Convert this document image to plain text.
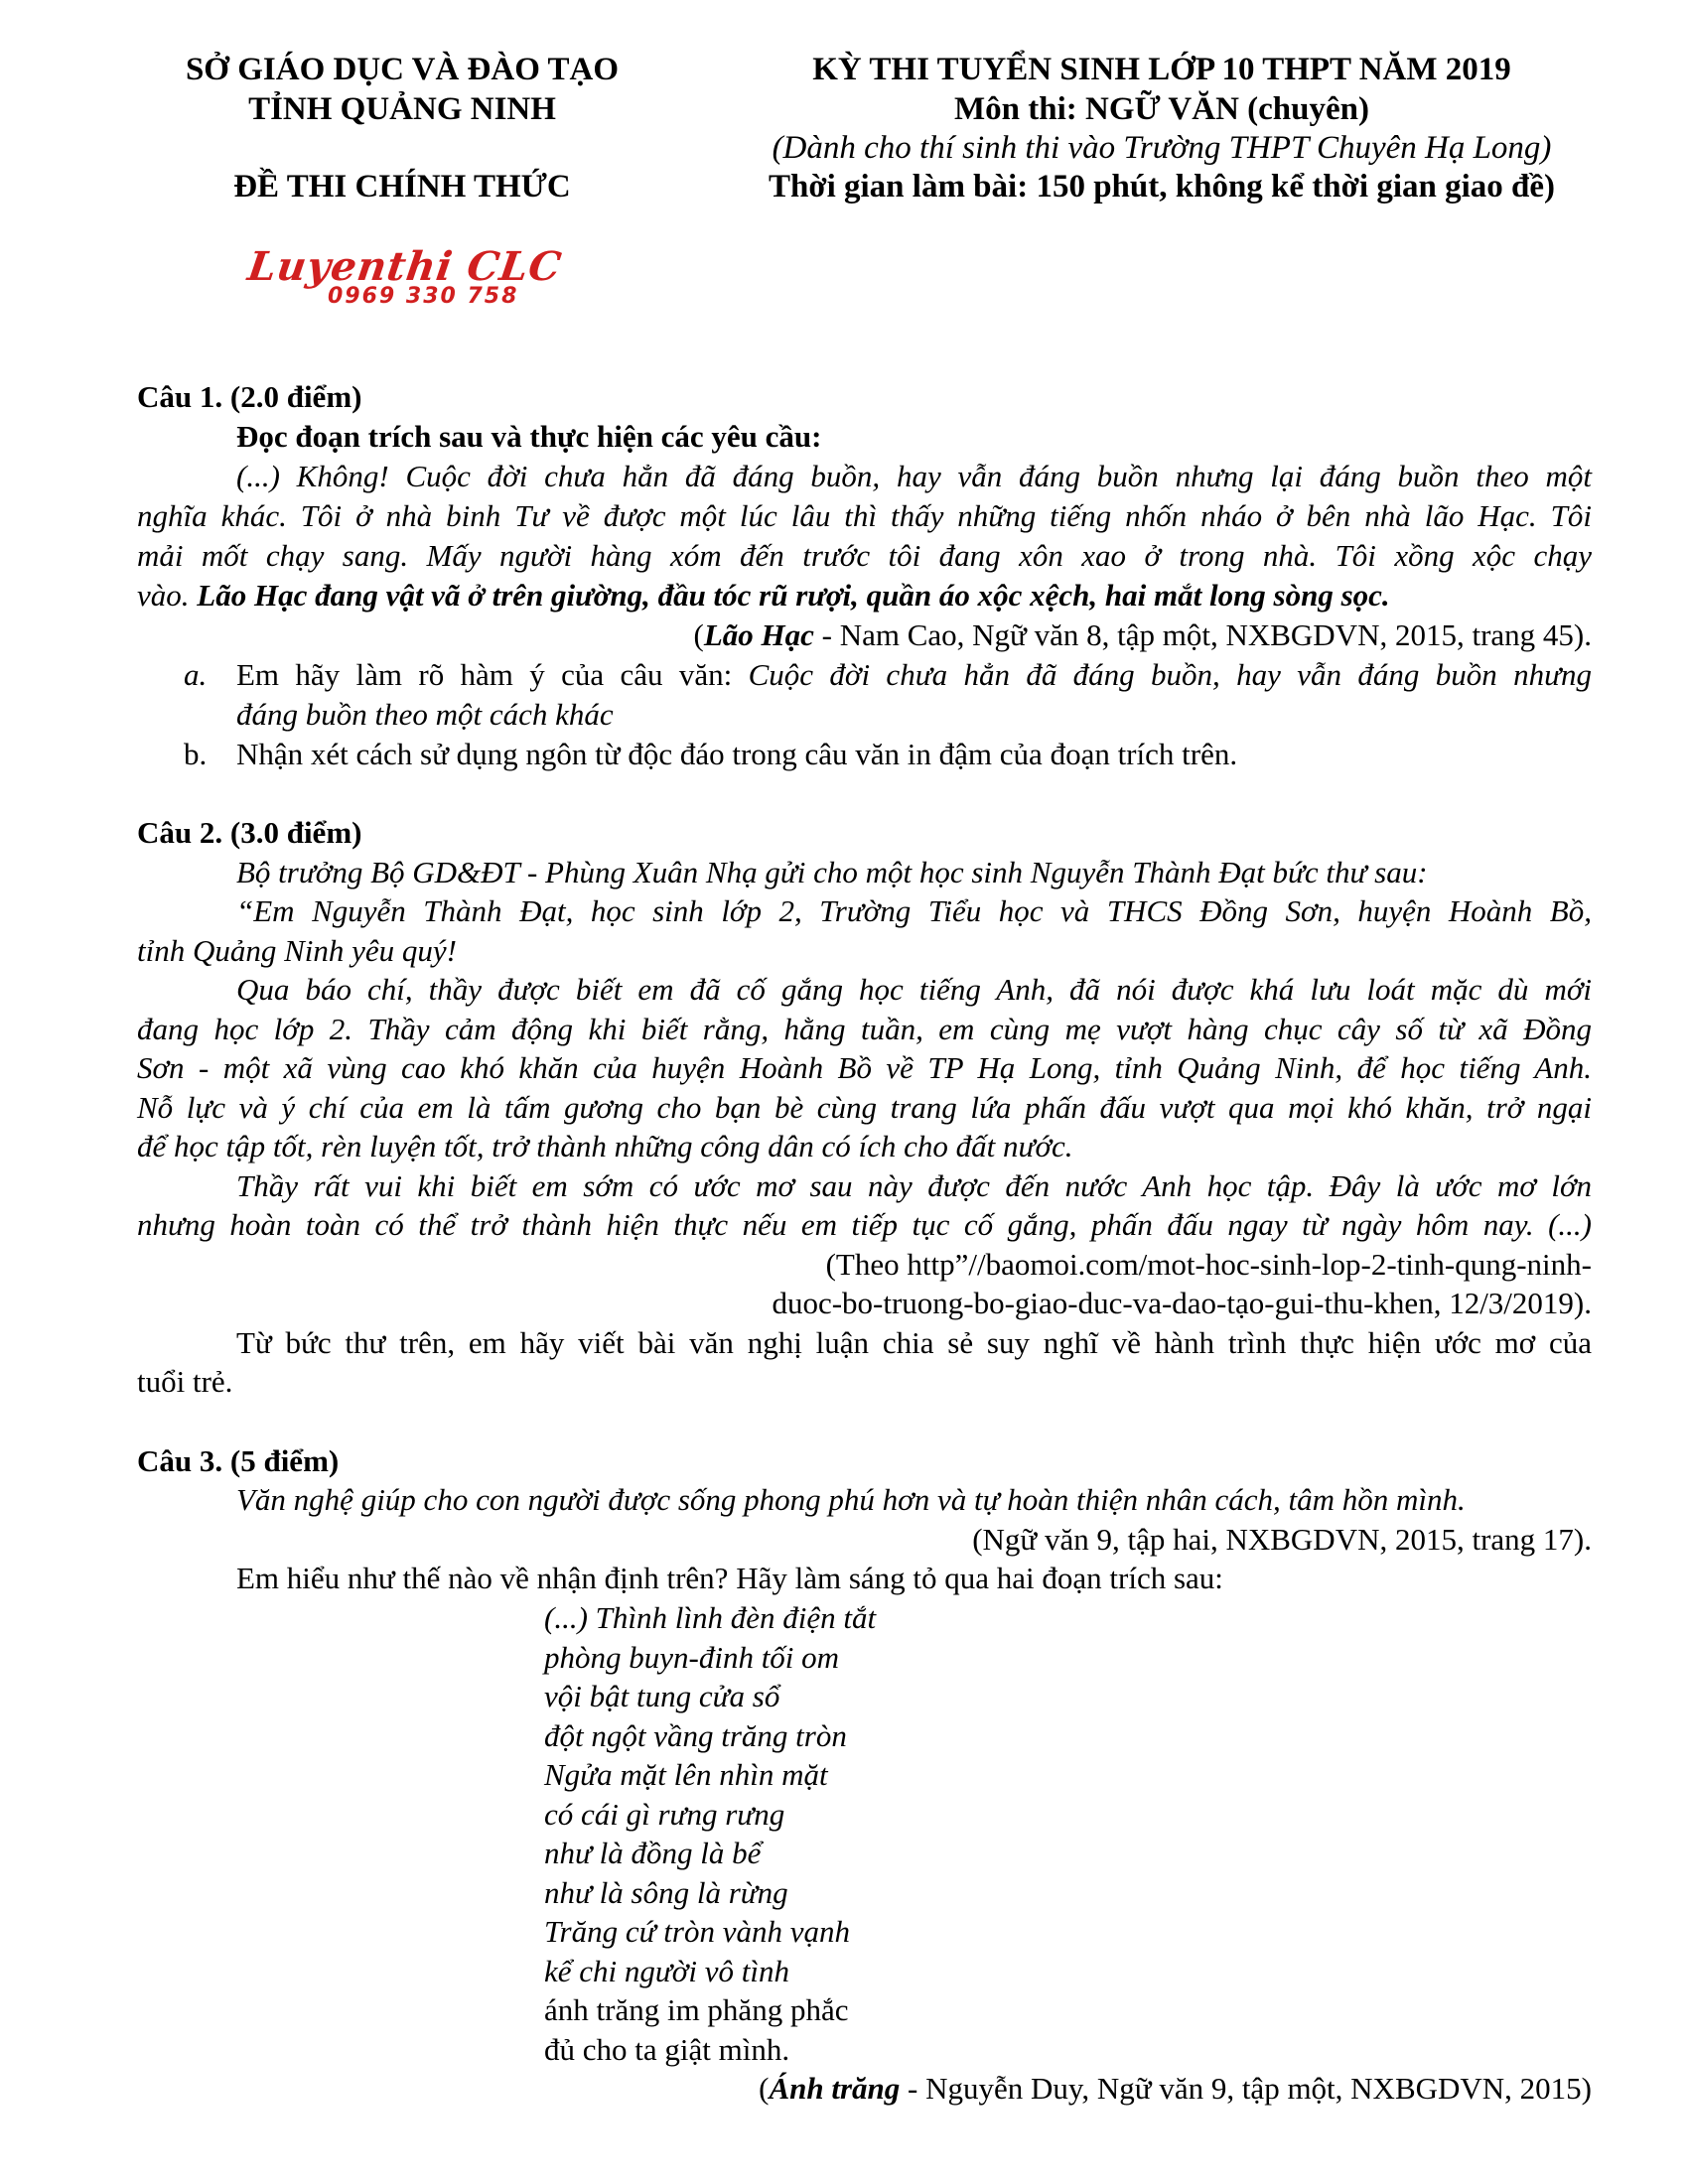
SỞ GIÁO DỤC VÀ ĐÀO TẠO
TỈNH QUẢNG NINH
ĐỀ THI CHÍNH THỨC
KỲ THI TUYỂN SINH LỚP 10 THPT NĂM 2019
Môn thi: NGỮ VĂN (chuyên)
(Dành cho thí sinh thi vào Trường THPT Chuyên Hạ Long)
Thời gian làm bài: 150 phút, không kể thời gian giao đề)
Luyenthi CLC
0969 330 758
Câu 1. (2.0 điểm)
Đọc đoạn trích sau và thực hiện các yêu cầu:
(...) Không! Cuộc đời chưa hẳn đã đáng buồn, hay vẫn đáng buồn nhưng lại đáng buồn theo một
nghĩa khác. Tôi ở nhà binh Tư về được một lúc lâu thì thấy những tiếng nhốn nháo ở bên nhà lão Hạc. Tôi
mải mốt chạy sang. Mấy người hàng xóm đến trước tôi đang xôn xao ở trong nhà. Tôi xồng xộc chạy
vào. Lão Hạc đang vật vã ở trên giường, đầu tóc rũ rượi, quần áo xộc xệch, hai mắt long sòng sọc.
(Lão Hạc - Nam Cao, Ngữ văn 8, tập một, NXBGDVN, 2015, trang 45).
a. Em hãy làm rõ hàm ý của câu văn: Cuộc đời chưa hẳn đã đáng buồn, hay vẫn đáng buồn nhưng
đáng buồn theo một cách khác
b. Nhận xét cách sử dụng ngôn từ độc đáo trong câu văn in đậm của đoạn trích trên.
Câu 2. (3.0 điểm)
Bộ trưởng Bộ GD&ĐT - Phùng Xuân Nhạ gửi cho một học sinh Nguyễn Thành Đạt bức thư sau:
“Em Nguyễn Thành Đạt, học sinh lớp 2, Trường Tiểu học và THCS Đồng Sơn, huyện Hoành Bồ,
tỉnh Quảng Ninh yêu quý!
Qua báo chí, thầy được biết em đã cố gắng học tiếng Anh, đã nói được khá lưu loát mặc dù mới
đang học lớp 2. Thầy cảm động khi biết rằng, hằng tuần, em cùng mẹ vượt hàng chục cây số từ xã Đồng
Sơn - một xã vùng cao khó khăn của huyện Hoành Bồ về TP Hạ Long, tỉnh Quảng Ninh, để học tiếng Anh.
Nỗ lực và ý chí của em là tấm gương cho bạn bè cùng trang lứa phấn đấu vượt qua mọi khó khăn, trở ngại
để học tập tốt, rèn luyện tốt, trở thành những công dân có ích cho đất nước.
Thầy rất vui khi biết em sớm có ước mơ sau này được đến nước Anh học tập. Đây là ước mơ lớn
nhưng hoàn toàn có thể trở thành hiện thực nếu em tiếp tục cố gắng, phấn đấu ngay từ ngày hôm nay. (...)
(Theo http”//baomoi.com/mot-hoc-sinh-lop-2-tinh-qung-ninh-
duoc-bo-truong-bo-giao-duc-va-dao-tạo-gui-thu-khen, 12/3/2019).
Từ bức thư trên, em hãy viết bài văn nghị luận chia sẻ suy nghĩ về hành trình thực hiện ước mơ của
tuổi trẻ.
Câu 3. (5 điểm)
Văn nghệ giúp cho con người được sống phong phú hơn và tự hoàn thiện nhân cách, tâm hồn mình.
(Ngữ văn 9, tập hai, NXBGDVN, 2015, trang 17).
Em hiểu như thế nào về nhận định trên? Hãy làm sáng tỏ qua hai đoạn trích sau:
(...) Thình lình đèn điện tắt
phòng buyn-đinh tối om
vội bật tung cửa sổ
đột ngột vầng trăng tròn
Ngửa mặt lên nhìn mặt
có cái gì rưng rưng
như là đồng là bể
như là sông là rừng
Trăng cứ tròn vành vạnh
kể chi người vô tình
ánh trăng im phăng phắc
đủ cho ta giật mình.
(Ánh trăng - Nguyễn Duy, Ngữ văn 9, tập một, NXBGDVN, 2015)
